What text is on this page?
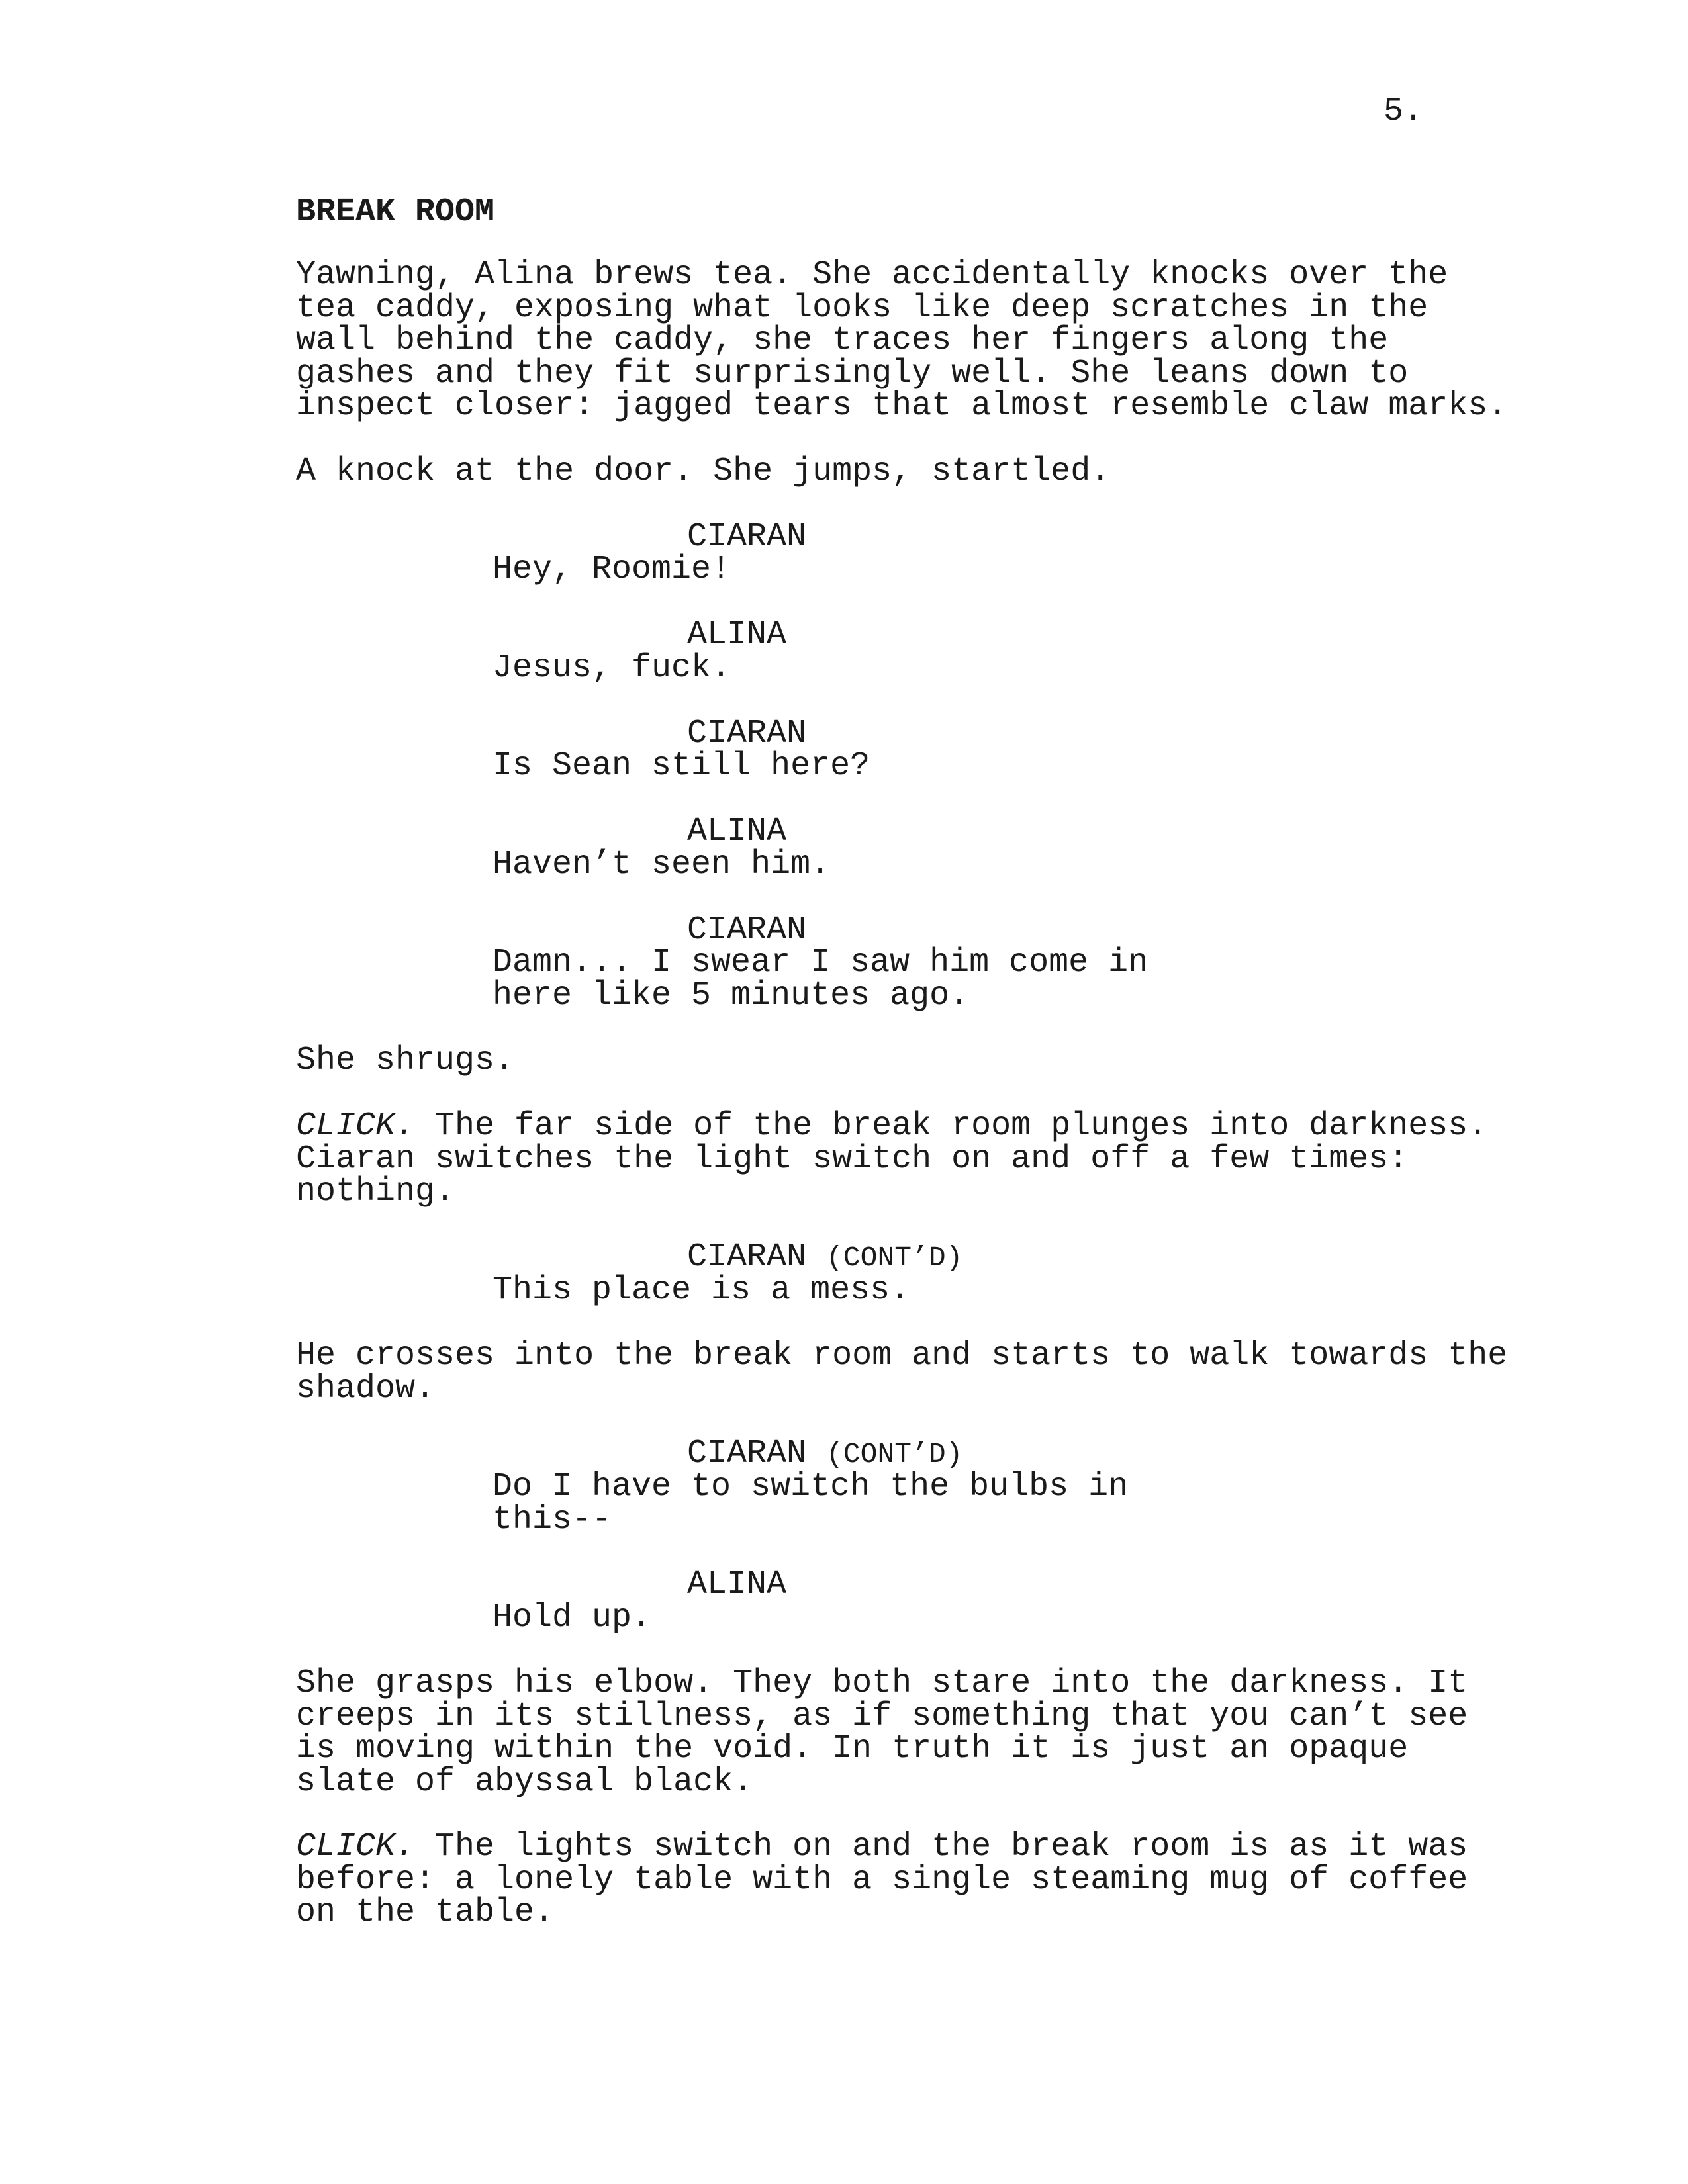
5.
BREAK ROOM
Yawning, Alina brews tea. She accidentally knocks over the
tea caddy, exposing what looks like deep scratches in the
wall behind the caddy, she traces her fingers along the
gashes and they fit surprisingly well. She leans down to
inspect closer: jagged tears that almost resemble claw marks.
A knock at the door. She jumps, startled.
CIARAN
Hey, Roomie!
ALINA
Jesus, fuck.
CIARAN
Is Sean still here?
ALINA
Haven’t seen him.
CIARAN
Damn... I swear I saw him come in
here like 5 minutes ago.
She shrugs.
CLICK. The far side of the break room plunges into darkness.
Ciaran switches the light switch on and off a few times:
nothing.
CIARAN (CONT’D)
This place is a mess.
He crosses into the break room and starts to walk towards the
shadow.
CIARAN (CONT’D)
Do I have to switch the bulbs in
this--
ALINA
Hold up.
She grasps his elbow. They both stare into the darkness. It
creeps in its stillness, as if something that you can’t see
is moving within the void. In truth it is just an opaque
slate of abyssal black.
CLICK. The lights switch on and the break room is as it was
before: a lonely table with a single steaming mug of coffee
on the table.
